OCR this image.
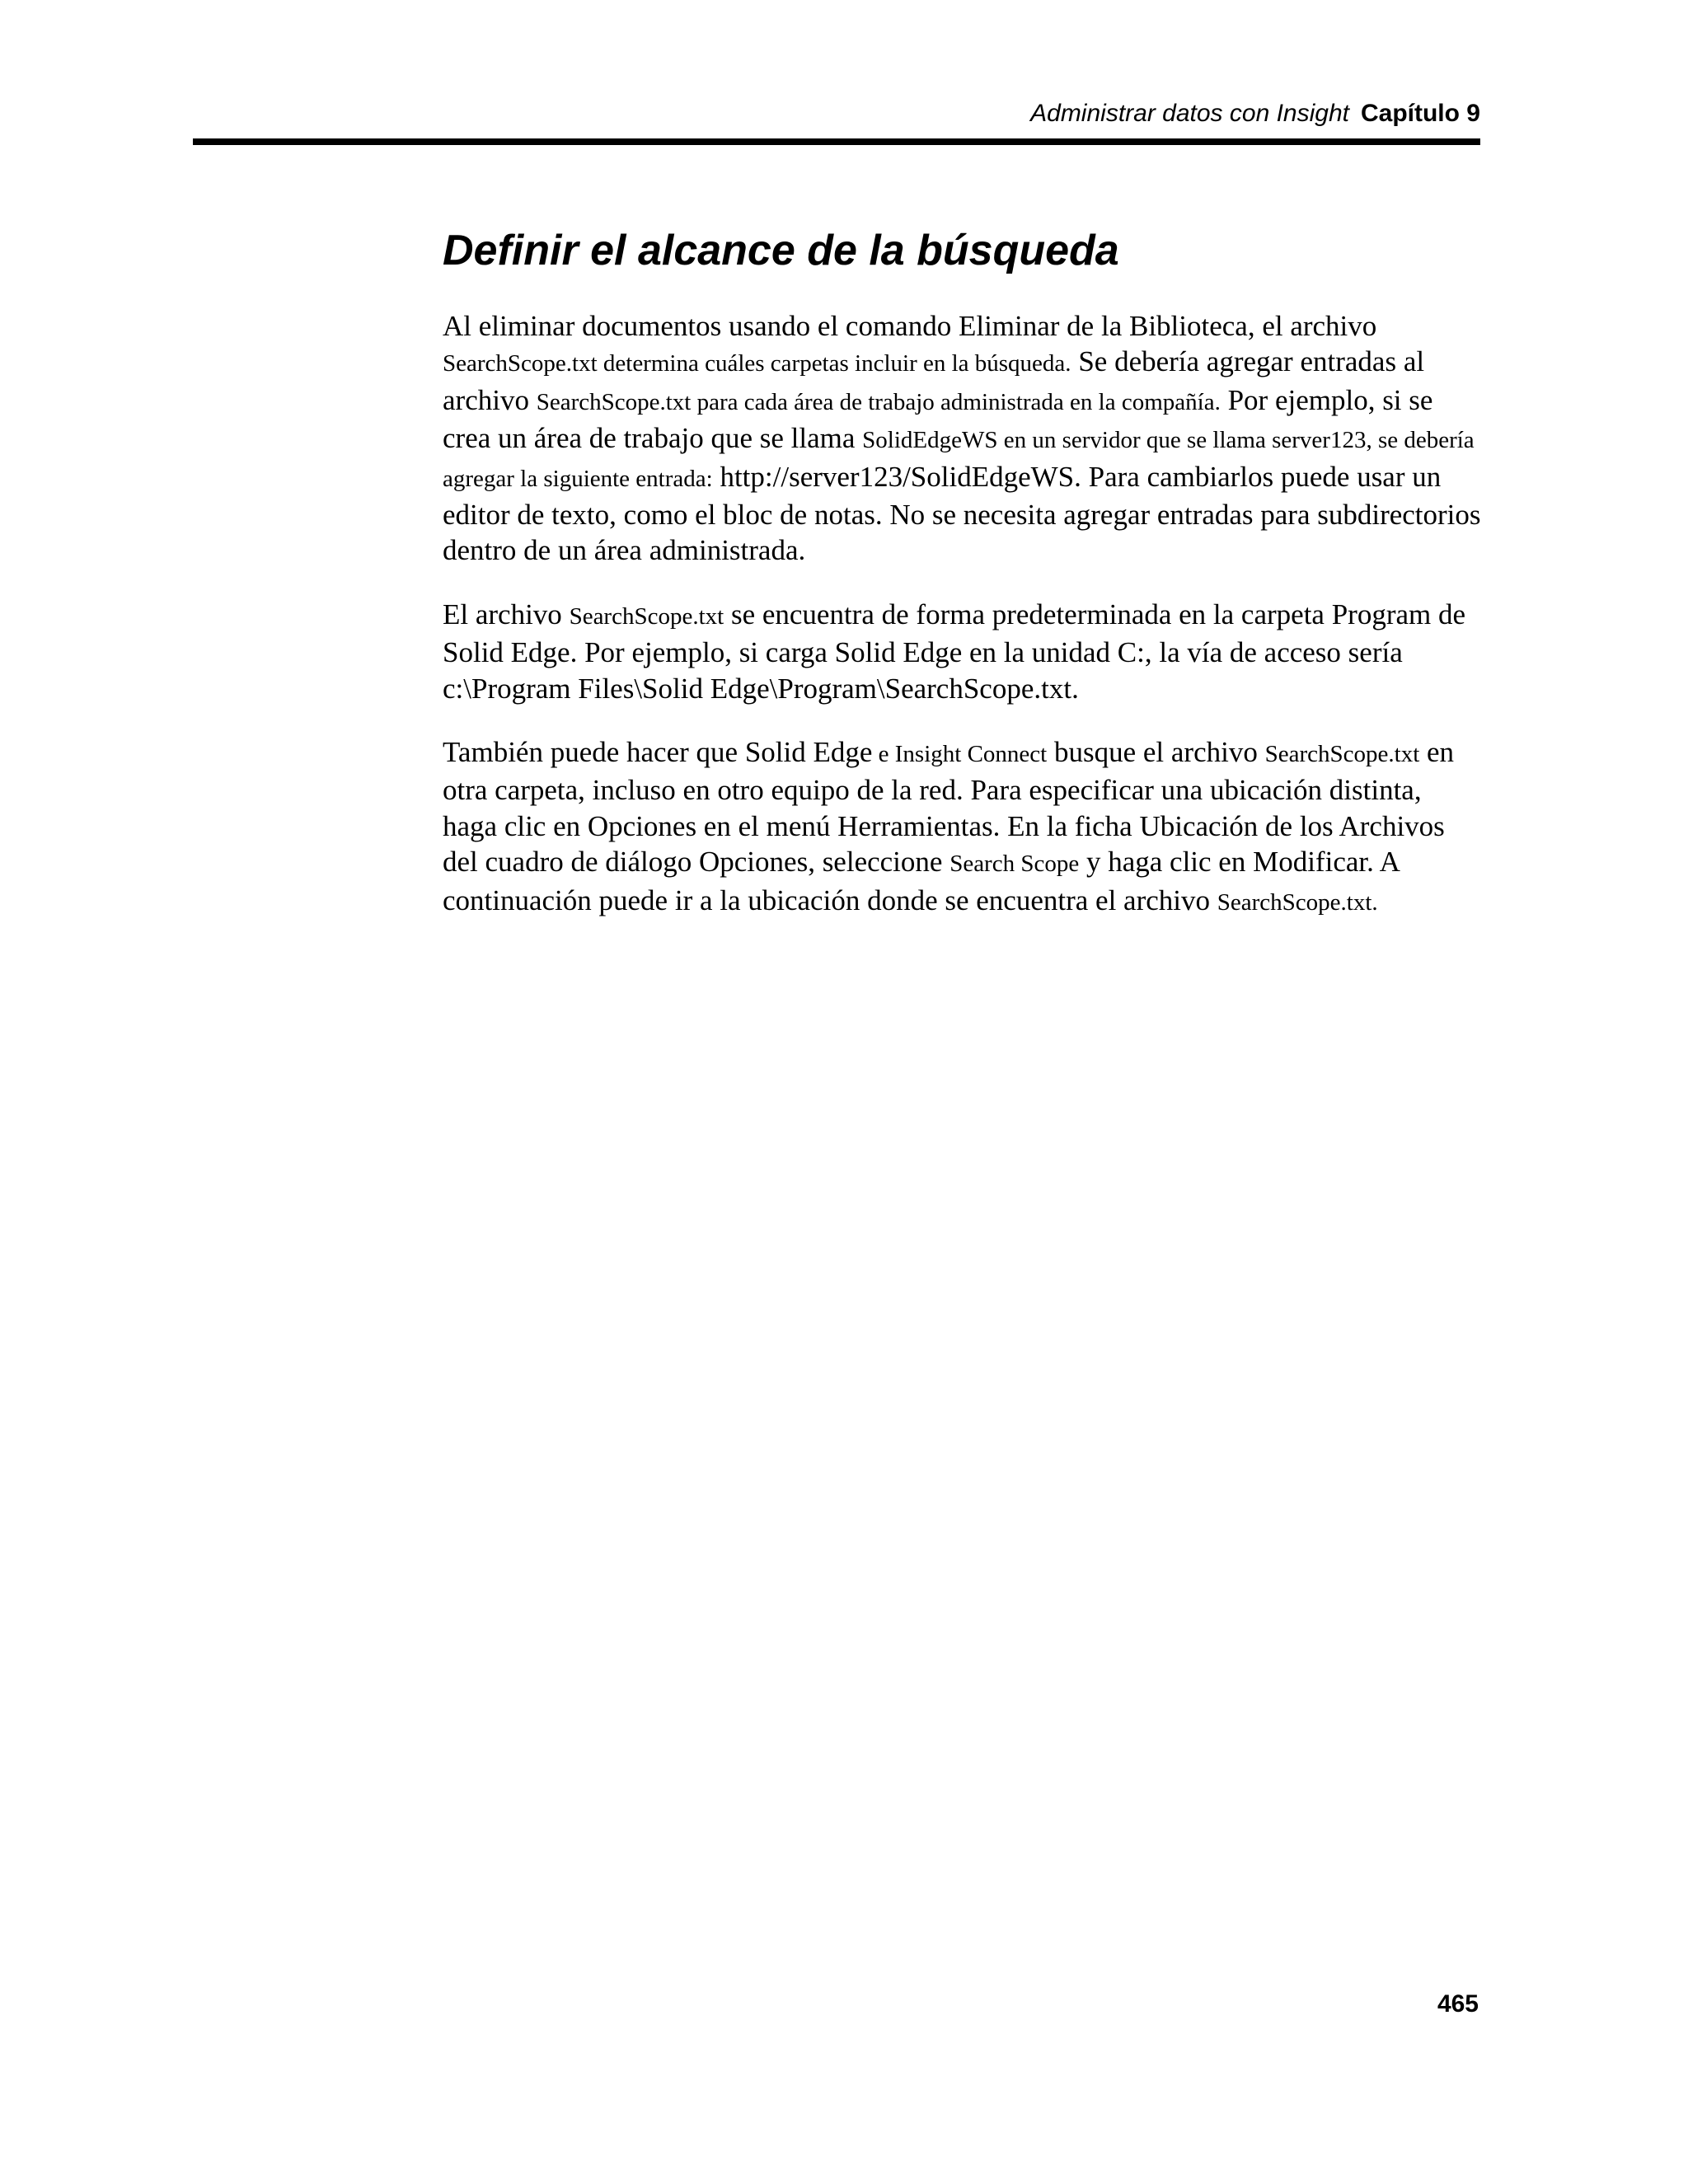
Administrar datos con Insight Capítulo 9
Definir el alcance de la búsqueda

Al eliminar documentos usando el comando Eliminar de la Biblioteca, el archivo SearchScope.txt determina cuáles carpetas incluir en la búsqueda. Se debería agregar entradas al archivo SearchScope.txt para cada área de trabajo administrada en la compañía. Por ejemplo, si se crea un área de trabajo que se llama SolidEdgeWS en un servidor que se llama server123, se debería agregar la siguiente entrada: http://server123/SolidEdgeWS. Para cambiarlos puede usar un editor de texto, como el bloc de notas. No se necesita agregar entradas para subdirectorios dentro de un área administrada.

El archivo SearchScope.txt se encuentra de forma predeterminada en la carpeta Program de Solid Edge. Por ejemplo, si carga Solid Edge en la unidad C:, la vía de acceso sería c:\Program Files\Solid Edge\Program\SearchScope.txt.

También puede hacer que Solid Edge e Insight Connect busque el archivo SearchScope.txt en otra carpeta, incluso en otro equipo de la red. Para especificar una ubicación distinta, haga clic en Opciones en el menú Herramientas. En la ficha Ubicación de los Archivos del cuadro de diálogo Opciones, seleccione Search Scope y haga clic en Modificar. A continuación puede ir a la ubicación donde se encuentra el archivo SearchScope.txt.

465
